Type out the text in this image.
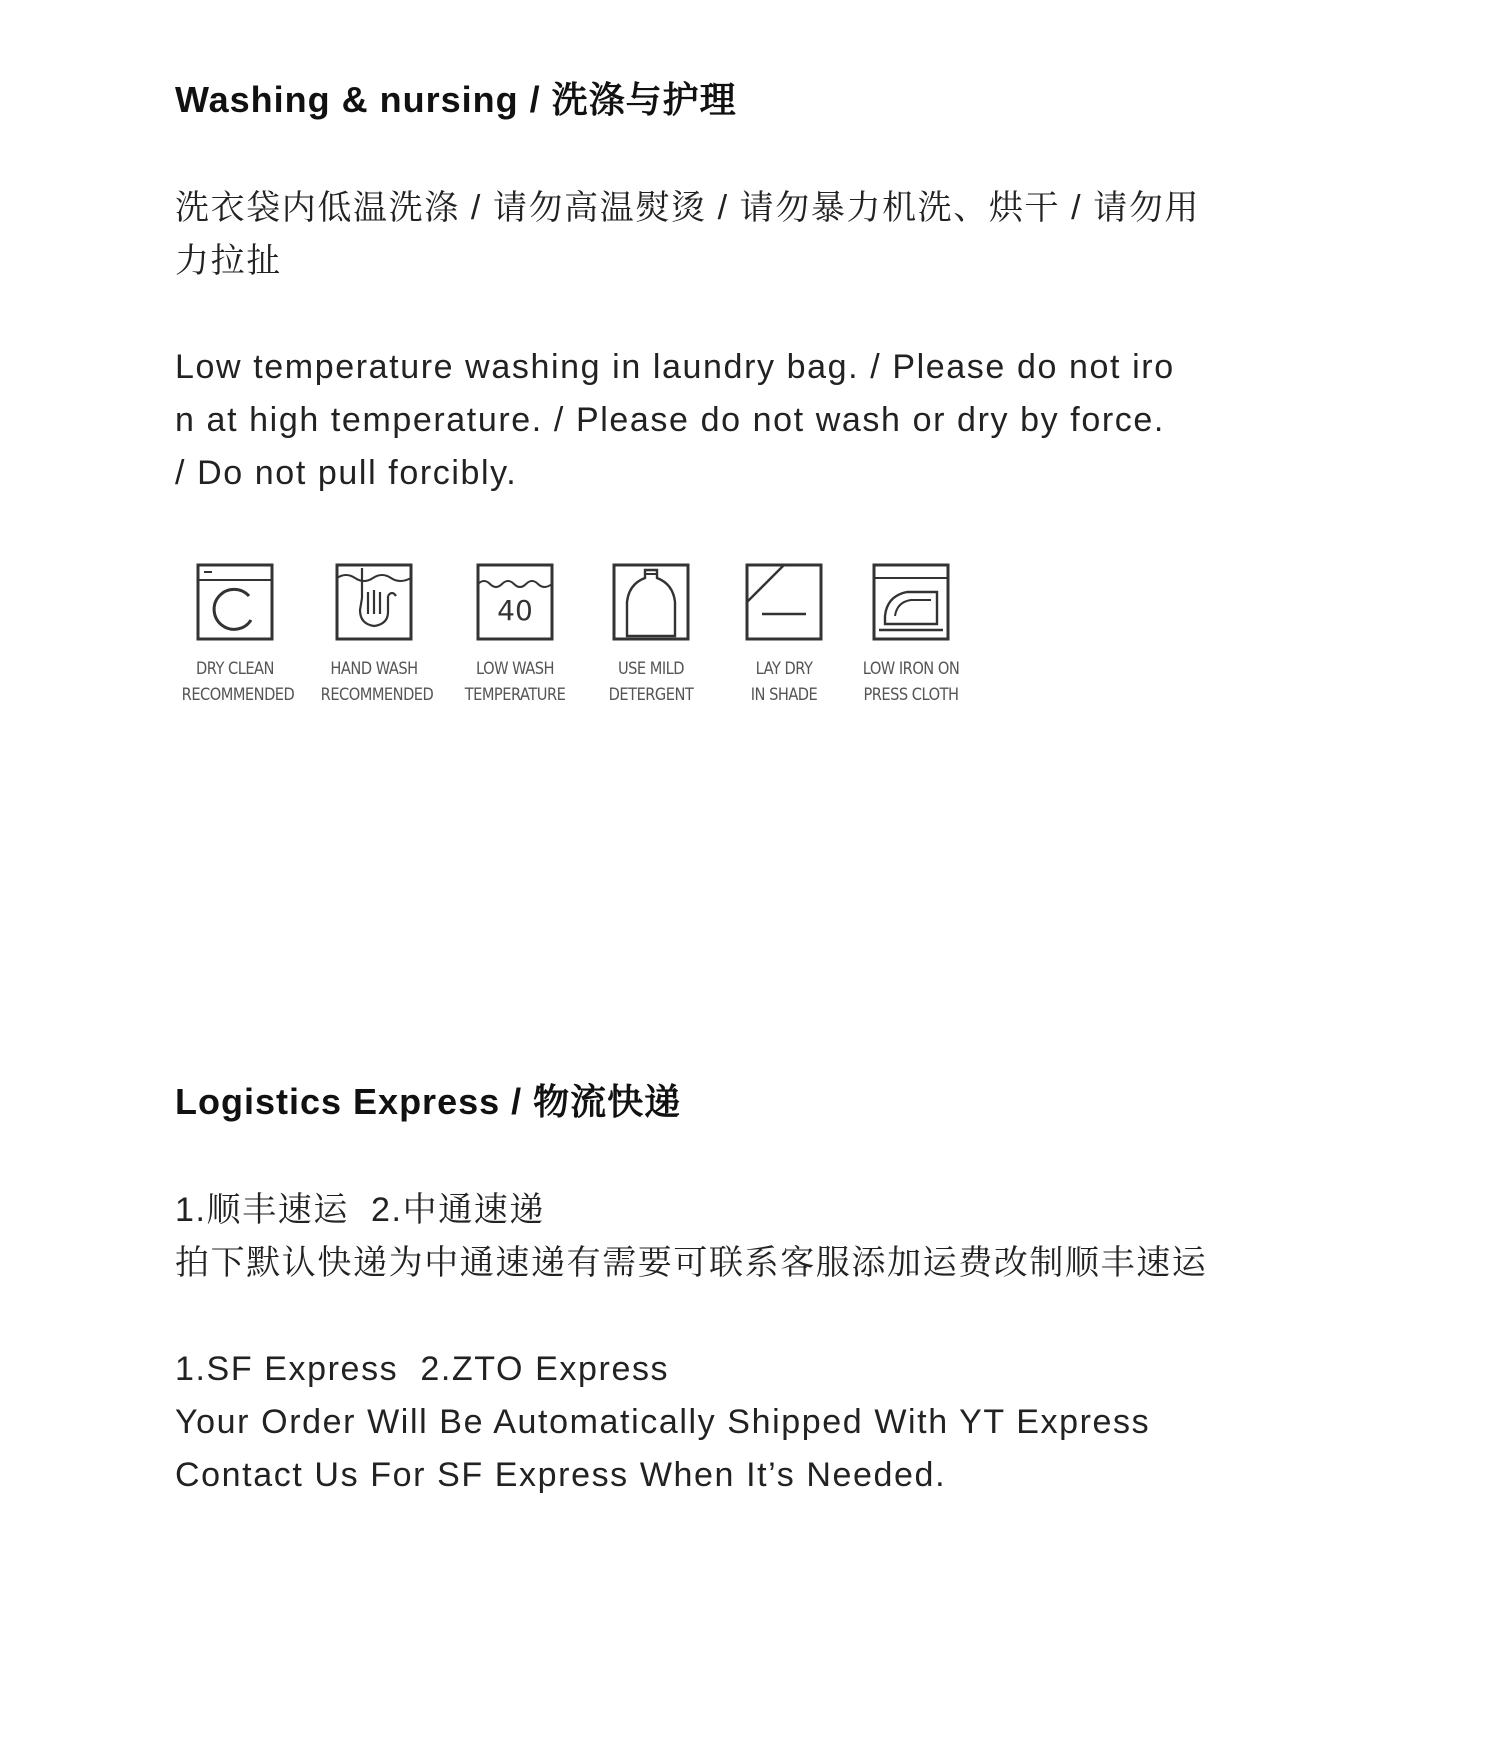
Washing & nursing / 洗涤与护理
洗衣袋内低温洗涤 / 请勿高温熨烫 / 请勿暴力机洗、烘干 / 请勿用
力拉扯
Low temperature washing in laundry bag. / Please do not iro
n at high temperature. / Please do not wash or dry by force.
/ Do not pull forcibly.
DRY CLEAN
RECOMMENDED
HAND WASH
RECOMMENDED
40
LOW WASH
TEMPERATURE
USE MILD
DETERGENT
LAY DRY
IN SHADE
LOW IRON ON
PRESS CLOTH
Logistics Express / 物流快递
1.顺丰速运  2.中通速递
拍下默认快递为中通速递有需要可联系客服添加运费改制顺丰速运
1.SF Express  2.ZTO Express
Your Order Will Be Automatically Shipped With YT Express
Contact Us For SF Express When It’s Needed.
